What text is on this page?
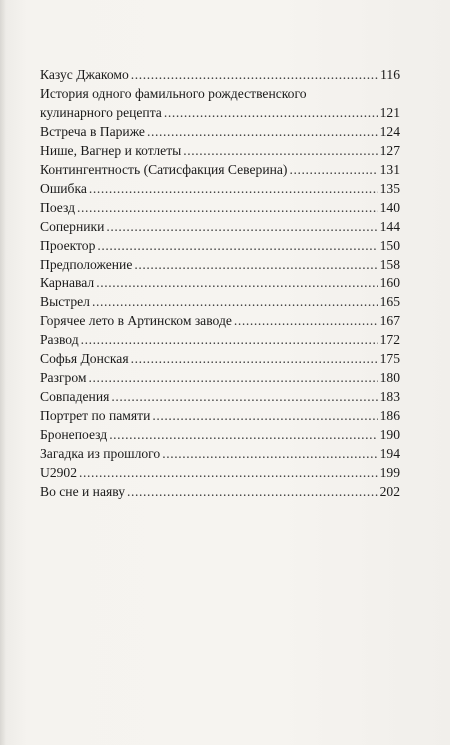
Казус Джакомо .....	116
История одного фамильного рождественского
кулинарного рецепта .....	121
Встреча в Париже .....	124
Нише, Вагнер и котлеты .....	127
Контингентность (Сатисфакция Северина) .....	131
Ошибка .....	135
Поезд .....	140
Соперники .....	144
Проектор .....	150
Предположение .....	158
Карнавал .....	160
Выстрел .....	165
Горячее лето в Артинском заводе .....	167
Развод .....	172
Софья Донская .....	175
Разгром .....	180
Совпадения .....	183
Портрет по памяти .....	186
Бронепоезд .....	190
Загадка из прошлого .....	194
U2902 .....	199
Во сне и наяву .....	202
